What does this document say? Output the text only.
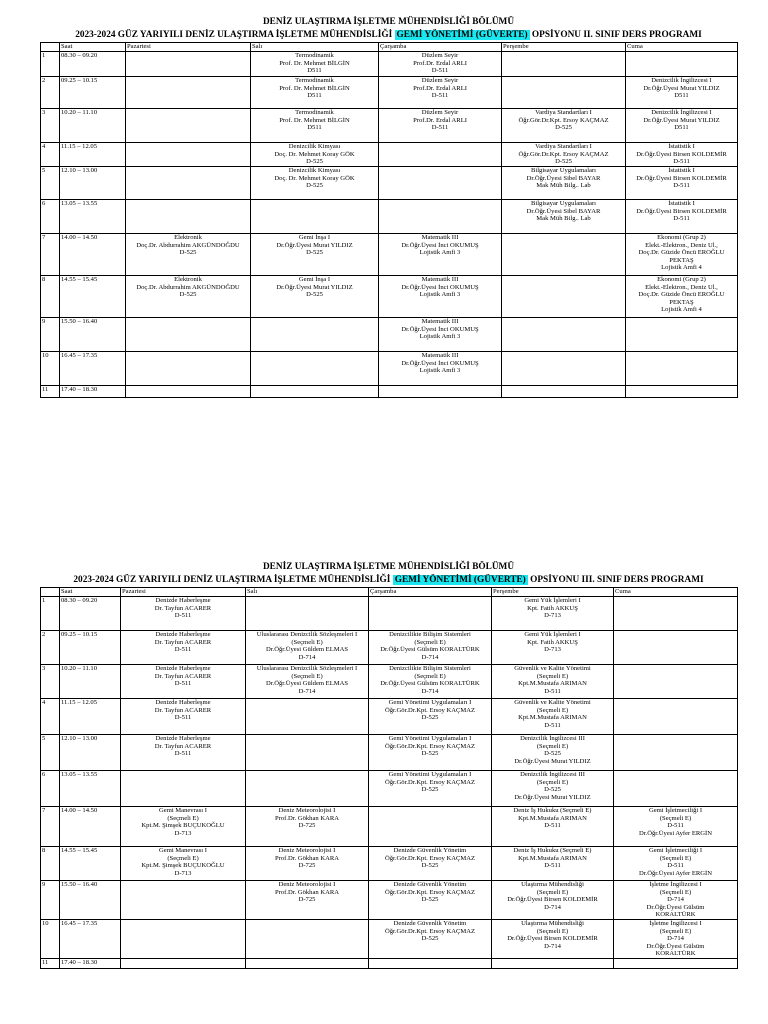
DENİZ ULAŞTIRMA İŞLETME MÜHENDİSLİĞİ BÖLÜMÜ
2023-2024 GÜZ YARIYILI DENİZ ULAŞTIRMA İŞLETME MÜHENDİSLİĞİ GEMİ YÖNETİMİ (GÜVERTE) OPSİYONU II. SINIF DERS PROGRAMI
	Saat	Pazartesi	Salı	Çarşamba	Perşembe	Cuma
1	08.30 – 09.20		Termodinamik
Prof. Dr. Mehmet BİLGİN
D511	Düzlem Seyir
Prof.Dr. Erdal ARLI
D-511		

2	09.25 – 10.15		Termodinamik
Prof. Dr. Mehmet BİLGİN
D511	Düzlem Seyir
Prof.Dr. Erdal ARLI
D-511		Denizcilik İngilizcesi I
Dr.Öğr.Üyesi Murat YILDIZ
D511

3	10.20 – 11.10		Termodinamik
Prof. Dr. Mehmet BİLGİN
D511	Düzlem Seyir
Prof.Dr. Erdal ARLI
D-511	Vardiya Standartları I
Öğr.Gör.Dr.Kpt. Ersoy KAÇMAZ
D-525	Denizcilik İngilizcesi I
Dr.Öğr.Üyesi Murat YILDIZ
D511

4	11.15 – 12.05		Denizcilik Kimyası
Doç. Dr. Mehmet Koray GÖK
D-525		Vardiya Standartları I
Öğr.Gör.Dr.Kpt. Ersoy KAÇMAZ
D-525	İstatistik I
Dr.Öğr.Üyesi Birsen KOLDEMİR
D-511

5	12.10 – 13.00		Denizcilik Kimyası
Doç. Dr. Mehmet Koray GÖK
D-525		Bilgisayar Uygulamaları
Dr.Öğr.Üyesi Sibel BAYAR
Mak Müh Bilg.. Lab	İstatistik I
Dr.Öğr.Üyesi Birsen KOLDEMİR
D-511

6	13.05 – 13.55				Bilgisayar Uygulamaları
Dr.Öğr.Üyesi Sibel BAYAR
Mak Müh Bilg.. Lab	İstatistik I
Dr.Öğr.Üyesi Birsen KOLDEMİR
D-511

7	14.00 – 14.50	Elektronik
Doç.Dr. Abdurrahim AKGÜNDOĞDU
D-525	Gemi İnşa I
Dr.Öğr.Üyesi Murat YILDIZ
D-525	Matematik III
Dr.Öğr.Üyesi İnci OKUMUŞ
Lojistik Amfi 3		Ekonomi (Grup 2)
Elekt.-Elektron., Deniz Ul.,
Doç.Dr. Güzide Öncü EROĞLU
PEKTAŞ
Lojistik Amfi 4

8	14.55 – 15.45	Elektronik
Doç.Dr. Abdurrahim AKGÜNDOĞDU
D-525	Gemi İnşa I
Dr.Öğr.Üyesi Murat YILDIZ
D-525	Matematik III
Dr.Öğr.Üyesi İnci OKUMUŞ
Lojistik Amfi 3		Ekonomi (Grup 2)
Elekt.-Elektron., Deniz Ul.,
Doç.Dr. Güzide Öncü EROĞLU
PEKTAŞ
Lojistik Amfi 4

9	15.50 – 16.40			Matematik III
Dr.Öğr.Üyesi İnci OKUMUŞ
Lojistik Amfi 3		

10	16.45 – 17.35			Matematik III
Dr.Öğr.Üyesi İnci OKUMUŞ
Lojistik Amfi 3		

11	17.40 – 18.30					
DENİZ ULAŞTIRMA İŞLETME MÜHENDİSLİĞİ BÖLÜMÜ
2023-2024 GÜZ YARIYILI DENİZ ULAŞTIRMA İŞLETME MÜHENDİSLİĞİ GEMİ YÖNETİMİ (GÜVERTE) OPSİYONU III. SINIF DERS PROGRAMI
	Saat	Pazartesi	Salı	Çarşamba	Perşembe	Cuma
1	08.30 – 09.20	Denizde Haberleşme
Dr. Tayfun ACARER
D-511			Gemi Yük İşlemleri I
Kpt. Fatih AKKUŞ
D-713	

2	09.25 – 10.15	Denizde Haberleşme
Dr. Tayfun ACARER
D-511	Uluslararası Denizcilik Sözleşmeleri I
(Seçmeli E)
Dr.Öğr.Üyesi Güldem ELMAS
D-714	Denizcilikte Bilişim Sistemleri
(Seçmeli E)
Dr.Öğr.Üyesi Gülsüm KORALTÜRK
D-714	Gemi Yük İşlemleri I
Kpt. Fatih AKKUŞ
D-713	

3	10.20 – 11.10	Denizde Haberleşme
Dr. Tayfun ACARER
D-511	Uluslararası Denizcilik Sözleşmeleri I
(Seçmeli E)
Dr.Öğr.Üyesi Güldem ELMAS
D-714	Denizcilikte Bilişim Sistemleri
(Seçmeli E)
Dr.Öğr.Üyesi Gülsüm KORALTÜRK
D-714	Güvenlik ve Kalite Yönetimi
(Seçmeli E)
Kpt.M.Mustafa ARIMAN
D-511	

4	11.15 – 12.05	Denizde Haberleşme
Dr. Tayfun ACARER
D-511		Gemi Yönetimi Uygulamaları I
Öğr.Gör.Dr.Kpt. Ersoy KAÇMAZ
D-525	Güvenlik ve Kalite Yönetimi
(Seçmeli E)
Kpt.M.Mustafa ARIMAN
D-511	

5	12.10 – 13.00	Denizde Haberleşme
Dr. Tayfun ACARER
D-511		Gemi Yönetimi Uygulamaları I
Öğr.Gör.Dr.Kpt. Ersoy KAÇMAZ
D-525	Denizcilik İngilizcesi III
(Seçmeli E)
D-525
Dr.Öğr.Üyesi Murat YILDIZ	

6	13.05 – 13.55			Gemi Yönetimi Uygulamaları I
Öğr.Gör.Dr.Kpt. Ersoy KAÇMAZ
D-525	Denizcilik İngilizcesi III
(Seçmeli E)
D-525
Dr.Öğr.Üyesi Murat YILDIZ	

7	14.00 – 14.50	Gemi Manevrası I
(Seçmeli E)
Kpt.M. Şimşek BUÇUKOĞLU
D-713	Deniz Meteorolojisi I
Prof.Dr. Gökhan KARA
D-725		Deniz İş Hukuku (Seçmeli E)
Kpt.M.Mustafa ARIMAN
D-511	Gemi İşletmeciliği I
(Seçmeli E)
D-511
Dr.Öğr.Üyesi Ayfer ERGİN

8	14.55 – 15.45	Gemi Manevrası I
(Seçmeli E)
Kpt.M. Şimşek BUÇUKOĞLU
D-713	Deniz Meteorolojisi I
Prof.Dr. Gökhan KARA
D-725	Denizde Güvenlik Yönetim
Öğr.Gör.Dr.Kpt. Ersoy KAÇMAZ
D-525	Deniz İş Hukuku (Seçmeli E)
Kpt.M.Mustafa ARIMAN
D-511	Gemi İşletmeciliği I
(Seçmeli E)
D-511
Dr.Öğr.Üyesi Ayfer ERGİN

9	15.50 – 16.40		Deniz Meteorolojisi I
Prof.Dr. Gökhan KARA
D-725	Denizde Güvenlik Yönetim
Öğr.Gör.Dr.Kpt. Ersoy KAÇMAZ
D-525	Ulaştırma Mühendisliği
(Seçmeli E)
Dr.Öğr.Üyesi Birsen KOLDEMİR
D-714	İşletme İngilizcesi I
(Seçmeli E)
D-714
Dr.Öğr.Üyesi Gülsüm
KORALTÜRK

10	16.45 – 17.35			Denizde Güvenlik Yönetim
Öğr.Gör.Dr.Kpt. Ersoy KAÇMAZ
D-525	Ulaştırma Mühendisliği
(Seçmeli E)
Dr.Öğr.Üyesi Birsen KOLDEMİR
D-714	İşletme İngilizcesi I
(Seçmeli E)
D-714
Dr.Öğr.Üyesi Gülsüm
KORALTÜRK

11	17.40 – 18.30					
